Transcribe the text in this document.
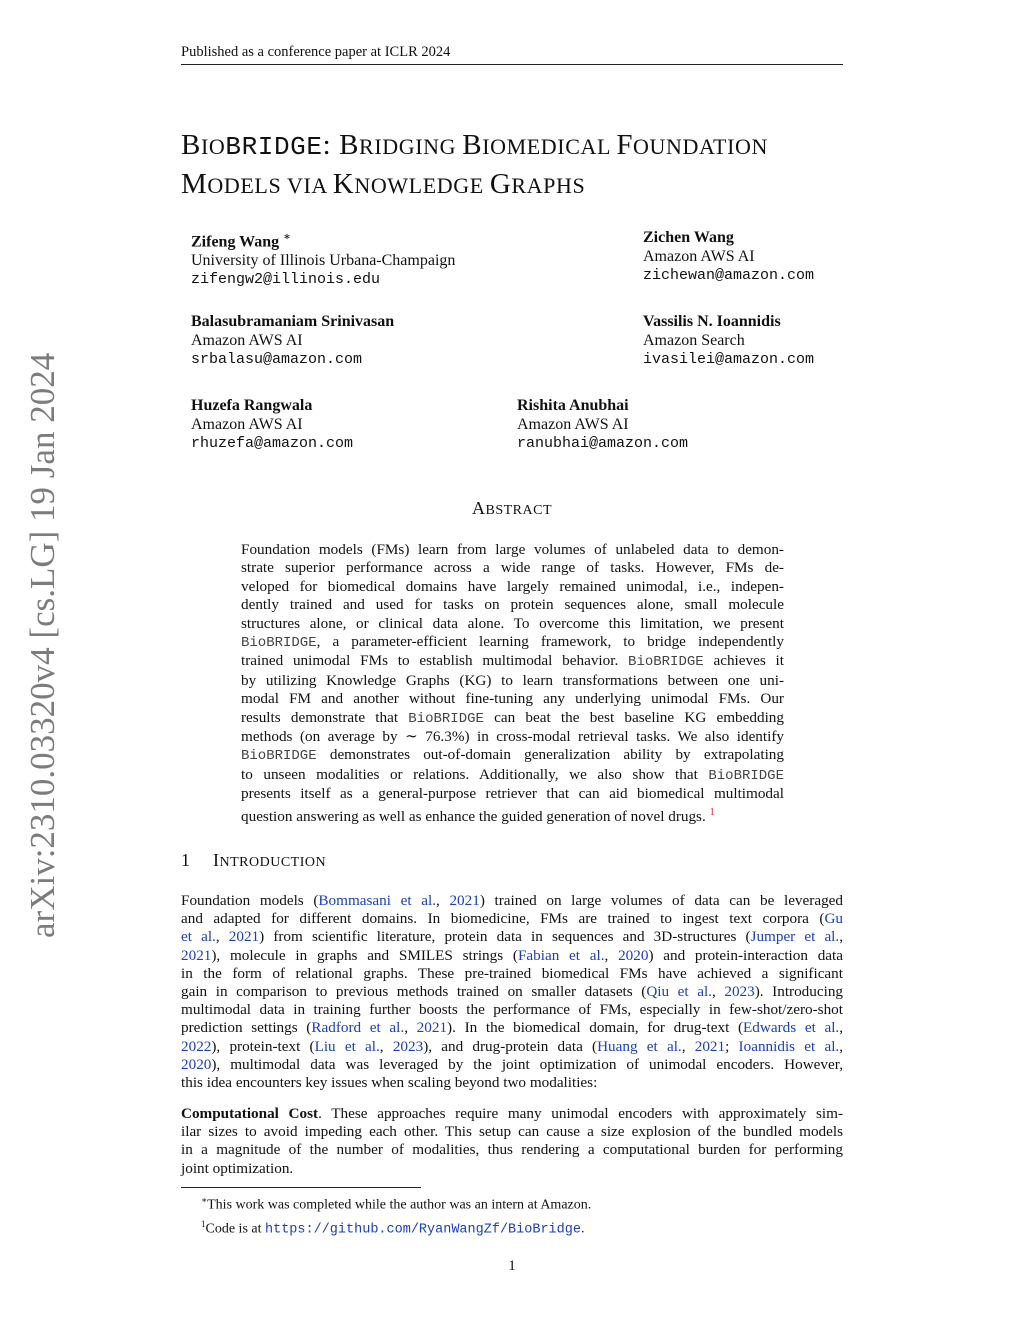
Published as a conference paper at ICLR 2024
arXiv:2310.03320v4 [cs.LG] 19 Jan 2024
BIOBRIDGE: BRIDGING BIOMEDICAL FOUNDATION
MODELS VIA KNOWLEDGE GRAPHS
Zifeng Wang ∗
University of Illinois Urbana-Champaign
zifengw2@illinois.edu
Zichen Wang
Amazon AWS AI
zichewan@amazon.com
Balasubramaniam Srinivasan
Amazon AWS AI
srbalasu@amazon.com
Vassilis N. Ioannidis
Amazon Search
ivasilei@amazon.com
Huzefa Rangwala
Amazon AWS AI
rhuzefa@amazon.com
Rishita Anubhai
Amazon AWS AI
ranubhai@amazon.com
ABSTRACT
Foundation models (FMs) learn from large volumes of unlabeled data to demon-
strate superior performance across a wide range of tasks. However, FMs de-
veloped for biomedical domains have largely remained unimodal, i.e., indepen-
dently trained and used for tasks on protein sequences alone, small molecule
structures alone, or clinical data alone. To overcome this limitation, we present
BioBRIDGE, a parameter-efficient learning framework, to bridge independently
trained unimodal FMs to establish multimodal behavior. BioBRIDGE achieves it
by utilizing Knowledge Graphs (KG) to learn transformations between one uni-
modal FM and another without fine-tuning any underlying unimodal FMs. Our
results demonstrate that BioBRIDGE can beat the best baseline KG embedding
methods (on average by ∼ 76.3%) in cross-modal retrieval tasks. We also identify
BioBRIDGE demonstrates out-of-domain generalization ability by extrapolating
to unseen modalities or relations. Additionally, we also show that BioBRIDGE
presents itself as a general-purpose retriever that can aid biomedical multimodal
question answering as well as enhance the guided generation of novel drugs. $^1$
1 INTRODUCTION
Foundation models (Bommasani et al., 2021) trained on large volumes of data can be leveraged
and adapted for different domains. In biomedicine, FMs are trained to ingest text corpora (Gu
et al., 2021) from scientific literature, protein data in sequences and 3D-structures (Jumper et al.,
2021), molecule in graphs and SMILES strings (Fabian et al., 2020) and protein-interaction data
in the form of relational graphs. These pre-trained biomedical FMs have achieved a significant
gain in comparison to previous methods trained on smaller datasets (Qiu et al., 2023). Introducing
multimodal data in training further boosts the performance of FMs, especially in few-shot/zero-shot
prediction settings (Radford et al., 2021). In the biomedical domain, for drug-text (Edwards et al.,
2022), protein-text (Liu et al., 2023), and drug-protein data (Huang et al., 2021; Ioannidis et al.,
2020), multimodal data was leveraged by the joint optimization of unimodal encoders. However,
this idea encounters key issues when scaling beyond two modalities:
Computational Cost. These approaches require many unimodal encoders with approximately sim-
ilar sizes to avoid impeding each other. This setup can cause a size explosion of the bundled models
in a magnitude of the number of modalities, thus rendering a computational burden for performing
joint optimization.
∗This work was completed while the author was an intern at Amazon.
$^1$Code is at https://github.com/RyanWangZf/BioBridge.
1
